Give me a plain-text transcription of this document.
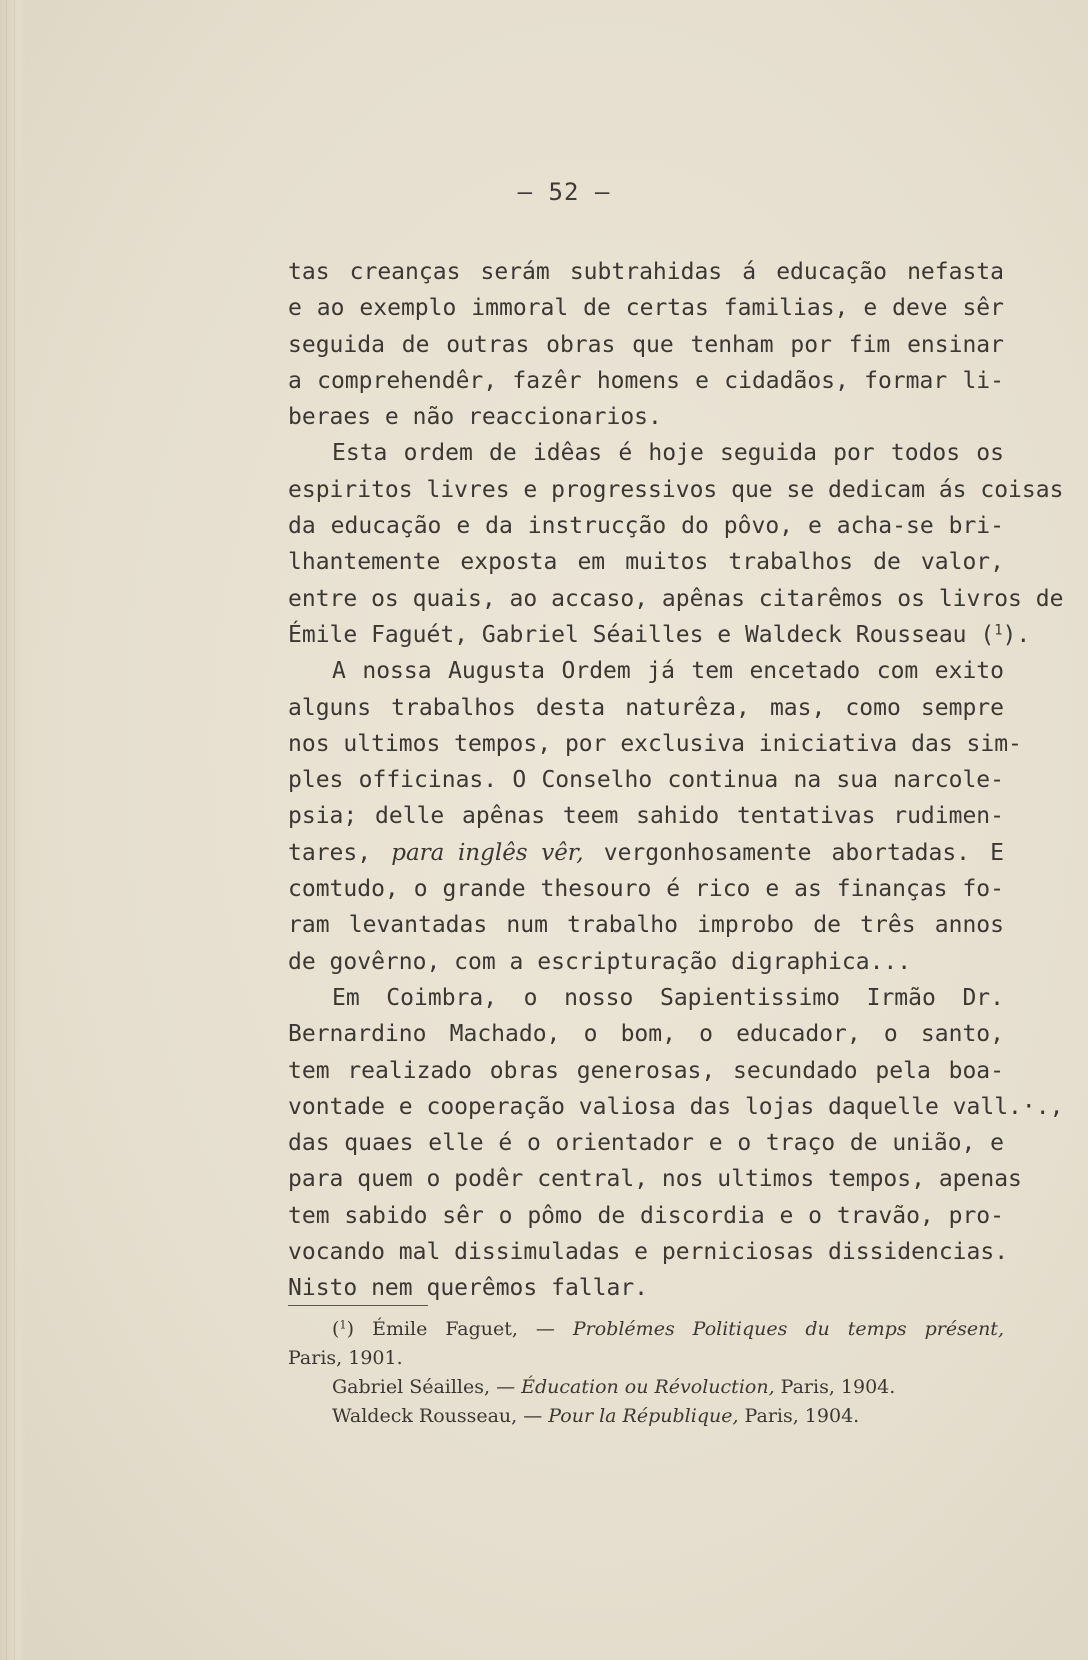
— 52 —
tas creanças serám subtrahidas á educação nefasta
e ao exemplo immoral de certas familias, e deve sêr
seguida de outras obras que tenham por fim ensinar
a comprehendêr, fazêr homens e cidadãos, formar li-
beraes e não reaccionarios.
Esta ordem de idêas é hoje seguida por todos os
espiritos livres e progressivos que se dedicam ás coisas
da educação e da instrucção do pôvo, e acha-se bri-
lhantemente exposta em muitos trabalhos de valor,
entre os quais, ao accaso, apênas citarêmos os livros de
Émile Faguét, Gabriel Séailles e Waldeck Rousseau ($^1$).
A nossa Augusta Ordem já tem encetado com exito
alguns trabalhos desta naturêza, mas, como sempre
nos ultimos tempos, por exclusiva iniciativa das sim-
ples officinas. O Conselho continua na sua narcole-
psia; delle apênas teem sahido tentativas rudimen-
tares, para inglês vêr, vergonhosamente abortadas. E
comtudo, o grande thesouro é rico e as finanças fo-
ram levantadas num trabalho improbo de três annos
de govêrno, com a escripturação digraphica...
Em Coimbra, o nosso Sapientissimo Irmão Dr.
Bernardino Machado, o bom, o educador, o santo,
tem realizado obras generosas, secundado pela boa-
vontade e cooperação valiosa das lojas daquelle vall.·.,
das quaes elle é o orientador e o traço de união, e
para quem o podêr central, nos ultimos tempos, apenas
tem sabido sêr o pômo de discordia e o travão, pro-
vocando mal dissimuladas e perniciosas dissidencias.
Nisto nem querêmos fallar.
($^1$) Émile Faguet, — Problémes Politiques du temps présent,
Paris, 1901.
Gabriel Séailles, — Éducation ou Révoluction, Paris, 1904.
Waldeck Rousseau, — Pour la République, Paris, 1904.
